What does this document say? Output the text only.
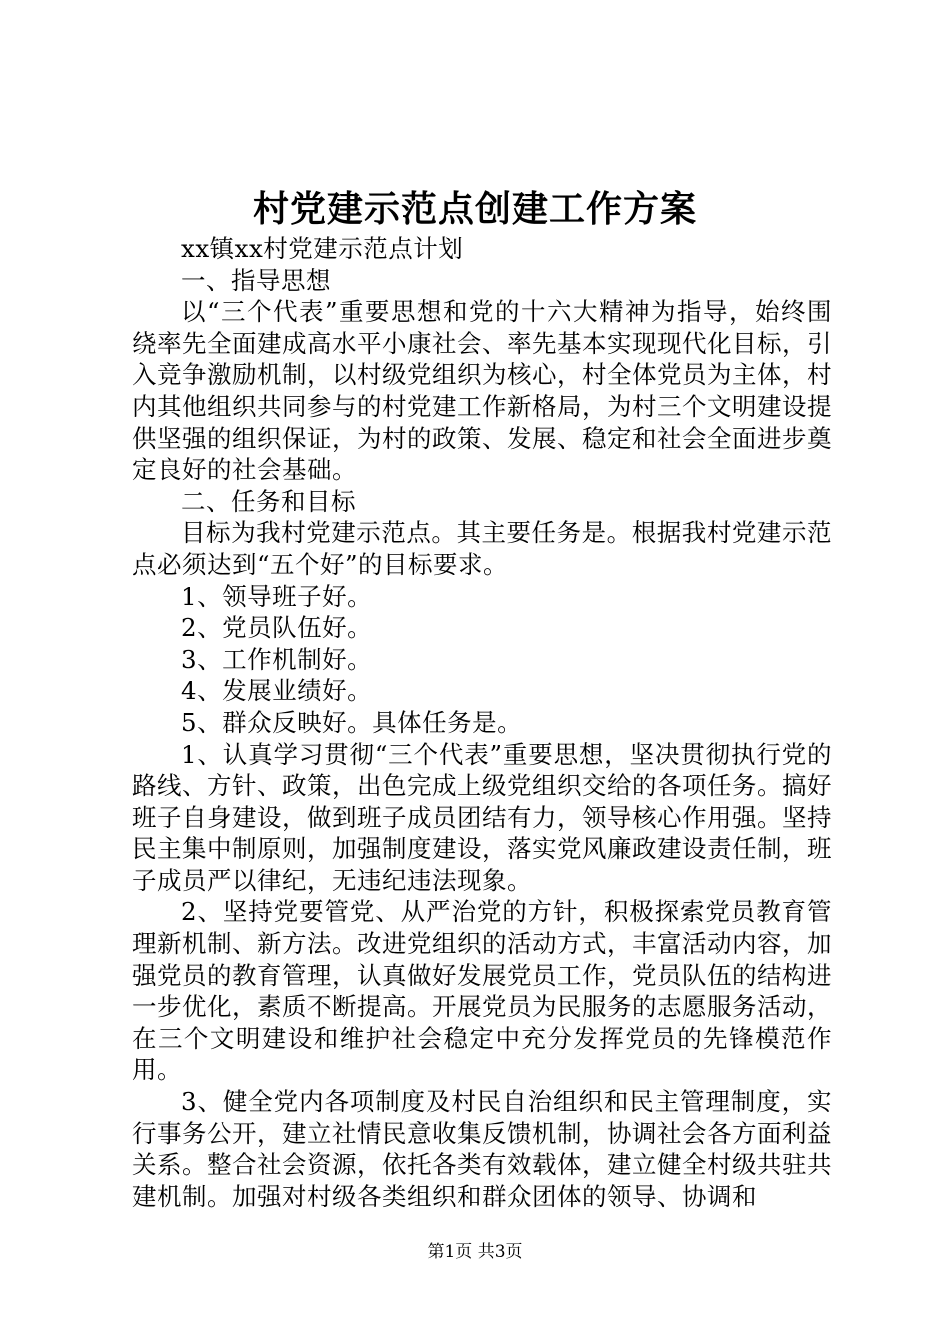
村党建示范点创建工作方案

xx镇xx村党建示范点计划

一、指导思想

以“三个代表”重要思想和党的十六大精神为指导，始终围绕率先全面建成高水平小康社会、率先基本实现现代化目标，引入竞争激励机制，以村级党组织为核心，村全体党员为主体，村内其他组织共同参与的村党建工作新格局，为村三个文明建设提供坚强的组织保证，为村的政策、发展、稳定和社会全面进步奠定良好的社会基础。

二、任务和目标

目标为我村党建示范点。其主要任务是。根据我村党建示范点必须达到“五个好”的目标要求。

1、领导班子好。

2、党员队伍好。

3、工作机制好。

4、发展业绩好。

5、群众反映好。具体任务是。

1、认真学习贯彻“三个代表”重要思想，坚决贯彻执行党的路线、方针、政策，出色完成上级党组织交给的各项任务。搞好班子自身建设，做到班子成员团结有力，领导核心作用强。坚持民主集中制原则，加强制度建设，落实党风廉政建设责任制，班子成员严以律纪，无违纪违法现象。

2、坚持党要管党、从严治党的方针，积极探索党员教育管理新机制、新方法。改进党组织的活动方式，丰富活动内容，加强党员的教育管理，认真做好发展党员工作，党员队伍的结构进一步优化，素质不断提高。开展党员为民服务的志愿服务活动，在三个文明建设和维护社会稳定中充分发挥党员的先锋模范作用。

3、健全党内各项制度及村民自治组织和民主管理制度，实行事务公开，建立社情民意收集反馈机制，协调社会各方面利益关系。整合社会资源，依托各类有效载体，建立健全村级共驻共建机制。加强对村级各类组织和群众团体的领导、协调和

第1页 共3页
